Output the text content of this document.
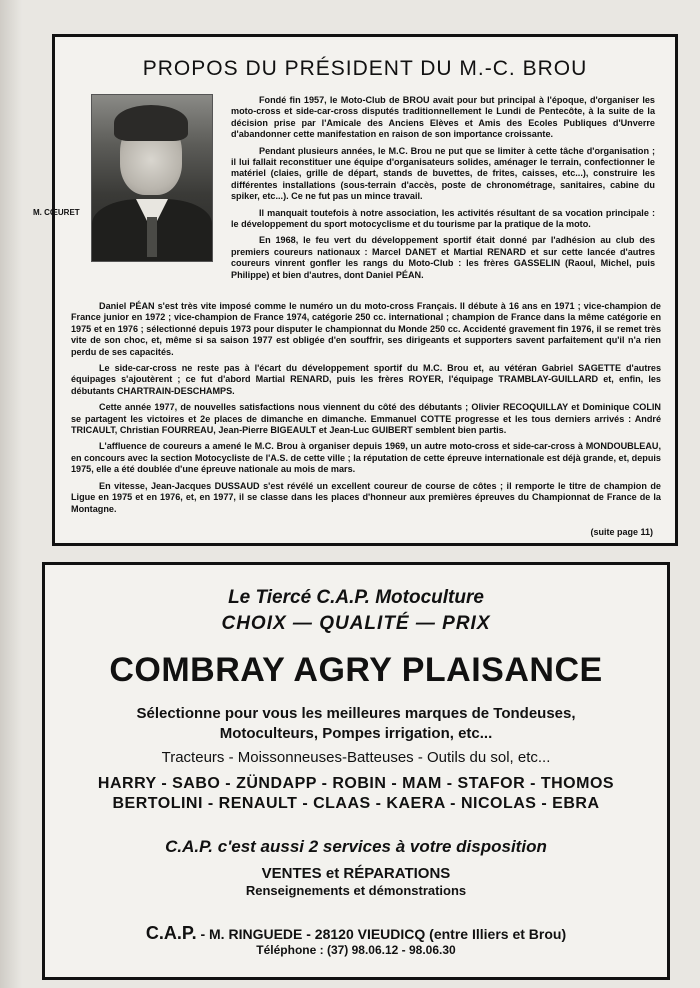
PROPOS DU PRÉSIDENT DU M.-C. BROU
M. CŒURET

Fondé fin 1957, le Moto-Club de BROU avait pour but principal à l'époque, d'organiser les moto-cross et side-car-cross disputés traditionnellement le Lundi de Pentecôte, à la suite de la décision prise par l'Amicale des Anciens Elèves et Amis des Ecoles Publiques d'Unverre d'abandonner cette manifestation en raison de son importance croissante.

Pendant plusieurs années, le M.C. Brou ne put que se limiter à cette tâche d'organisation ; il lui fallait reconstituer une équipe d'organisateurs solides, aménager le terrain, confectionner le matériel (claies, grille de départ, stands de buvettes, de frites, caisses, etc...), construire les différentes installations (sous-terrain d'accès, poste de chronométrage, sanitaires, cabine du spiker, etc...). Ce ne fut pas un mince travail.

Il manquait toutefois à notre association, les activités résultant de sa vocation principale : le développement du sport motocyclisme et du tourisme par la pratique de la moto.

En 1968, le feu vert du développement sportif était donné par l'adhésion au club des premiers coureurs nationaux : Marcel DANET et Martial RENARD et sur cette lancée d'autres coureurs vinrent gonfler les rangs du Moto-Club : les frères GASSELIN (Raoul, Michel, puis Philippe) et bien d'autres, dont Daniel PÉAN.

Daniel PÉAN s'est très vite imposé comme le numéro un du moto-cross Français. Il débute à 16 ans en 1971 ; vice-champion de France junior en 1972 ; vice-champion de France 1974, catégorie 250 cc. international ; champion de France dans la même catégorie en 1975 et en 1976 ; sélectionné depuis 1973 pour disputer le championnat du Monde 250 cc. Accidenté gravement fin 1976, il se remet très vite de son choc, et, même si sa saison 1977 est obligée d'en souffrir, ses dirigeants et supporters savent parfaitement qu'il n'a rien perdu de ses capacités.

Le side-car-cross ne reste pas à l'écart du développement sportif du M.C. Brou et, au vétéran Gabriel SAGETTE d'autres équipages s'ajoutèrent ; ce fut d'abord Martial RENARD, puis les frères ROYER, l'équipage TRAMBLAY-GUILLARD et, enfin, les débutants CHARTRAIN-DESCHAMPS.

Cette année 1977, de nouvelles satisfactions nous viennent du côté des débutants ; Olivier RECOQUILLAY et Dominique COLIN se partagent les victoires et 2e places de dimanche en dimanche. Emmanuel COTTE progresse et les tous derniers arrivés : André TRICAULT, Christian FOURREAU, Jean-Pierre BIGEAULT et Jean-Luc GUIBERT semblent bien partis.

L'affluence de coureurs a amené le M.C. Brou à organiser depuis 1969, un autre moto-cross et side-car-cross à MONDOUBLEAU, en concours avec la section Motocycliste de l'A.S. de cette ville ; la réputation de cette épreuve internationale est déjà grande, et, depuis 1975, elle a été doublée d'une épreuve nationale au mois de mars.

En vitesse, Jean-Jacques DUSSAUD s'est révélé un excellent coureur de course de côtes ; il remporte le titre de champion de Ligue en 1975 et en 1976, et, en 1977, il se classe dans les places d'honneur aux premières épreuves du Championnat de France de la Montagne.

(suite page 11)
Le Tiercé C.A.P. Motoculture
CHOIX — QUALITÉ — PRIX
COMBRAY AGRY PLAISANCE
Sélectionne pour vous les meilleures marques de Tondeuses,
Motoculteurs, Pompes irrigation, etc...
Tracteurs - Moissonneuses-Batteuses - Outils du sol, etc...
HARRY - SABO - ZÜNDAPP - ROBIN - MAM - STAFOR - THOMOS
BERTOLINI - RENAULT - CLAAS - KAERA - NICOLAS - EBRA
C.A.P. c'est aussi 2 services à votre disposition
VENTES et RÉPARATIONS
Renseignements et démonstrations
C.A.P. - M. RINGUEDE - 28120 VIEUDICQ (entre Illiers et Brou)
Téléphone : (37) 98.06.12 - 98.06.30
